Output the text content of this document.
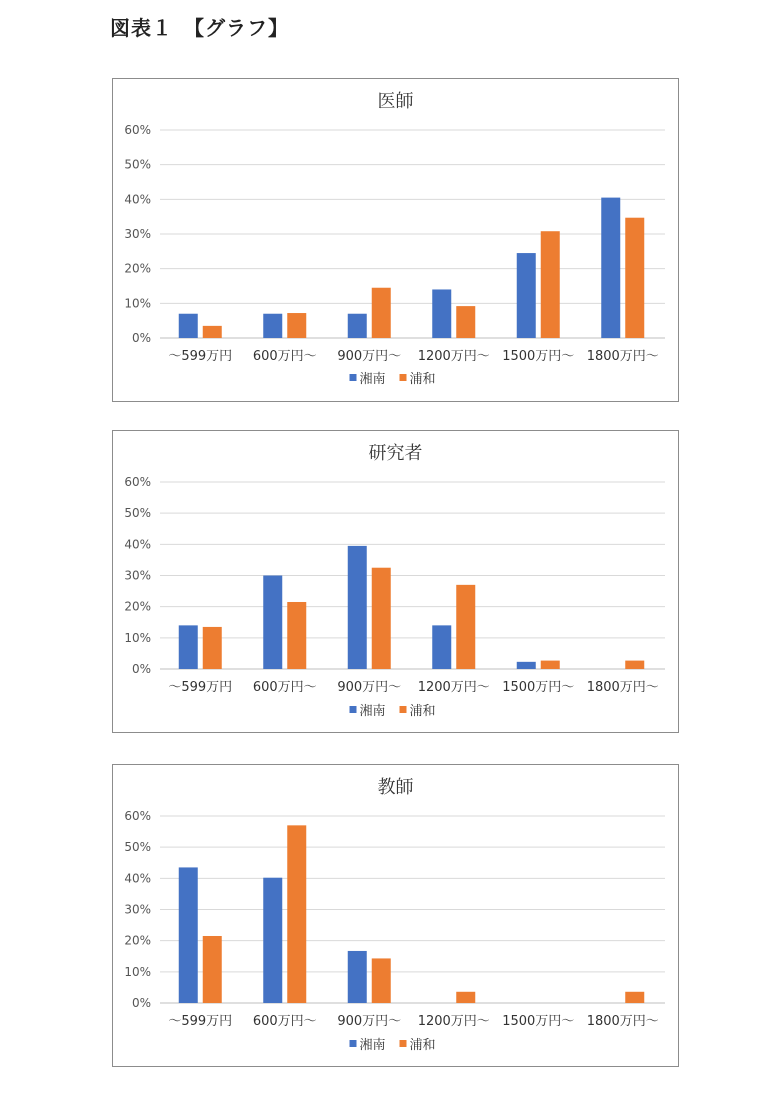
図表１　【グラフ】
医師
0%
10%
20%
30%
40%
50%
60%
～599万円 600万円～ 900万円～ 1200万円～ 1500万円～ 1800万円～
湘南 浦和
研究者
0%
10%
20%
30%
40%
50%
60%
～599万円 600万円～ 900万円～ 1200万円～ 1500万円～ 1800万円～
湘南 浦和
教師
0%
10%
20%
30%
40%
50%
60%
～599万円 600万円～ 900万円～ 1200万円～ 1500万円～ 1800万円～
湘南 浦和
